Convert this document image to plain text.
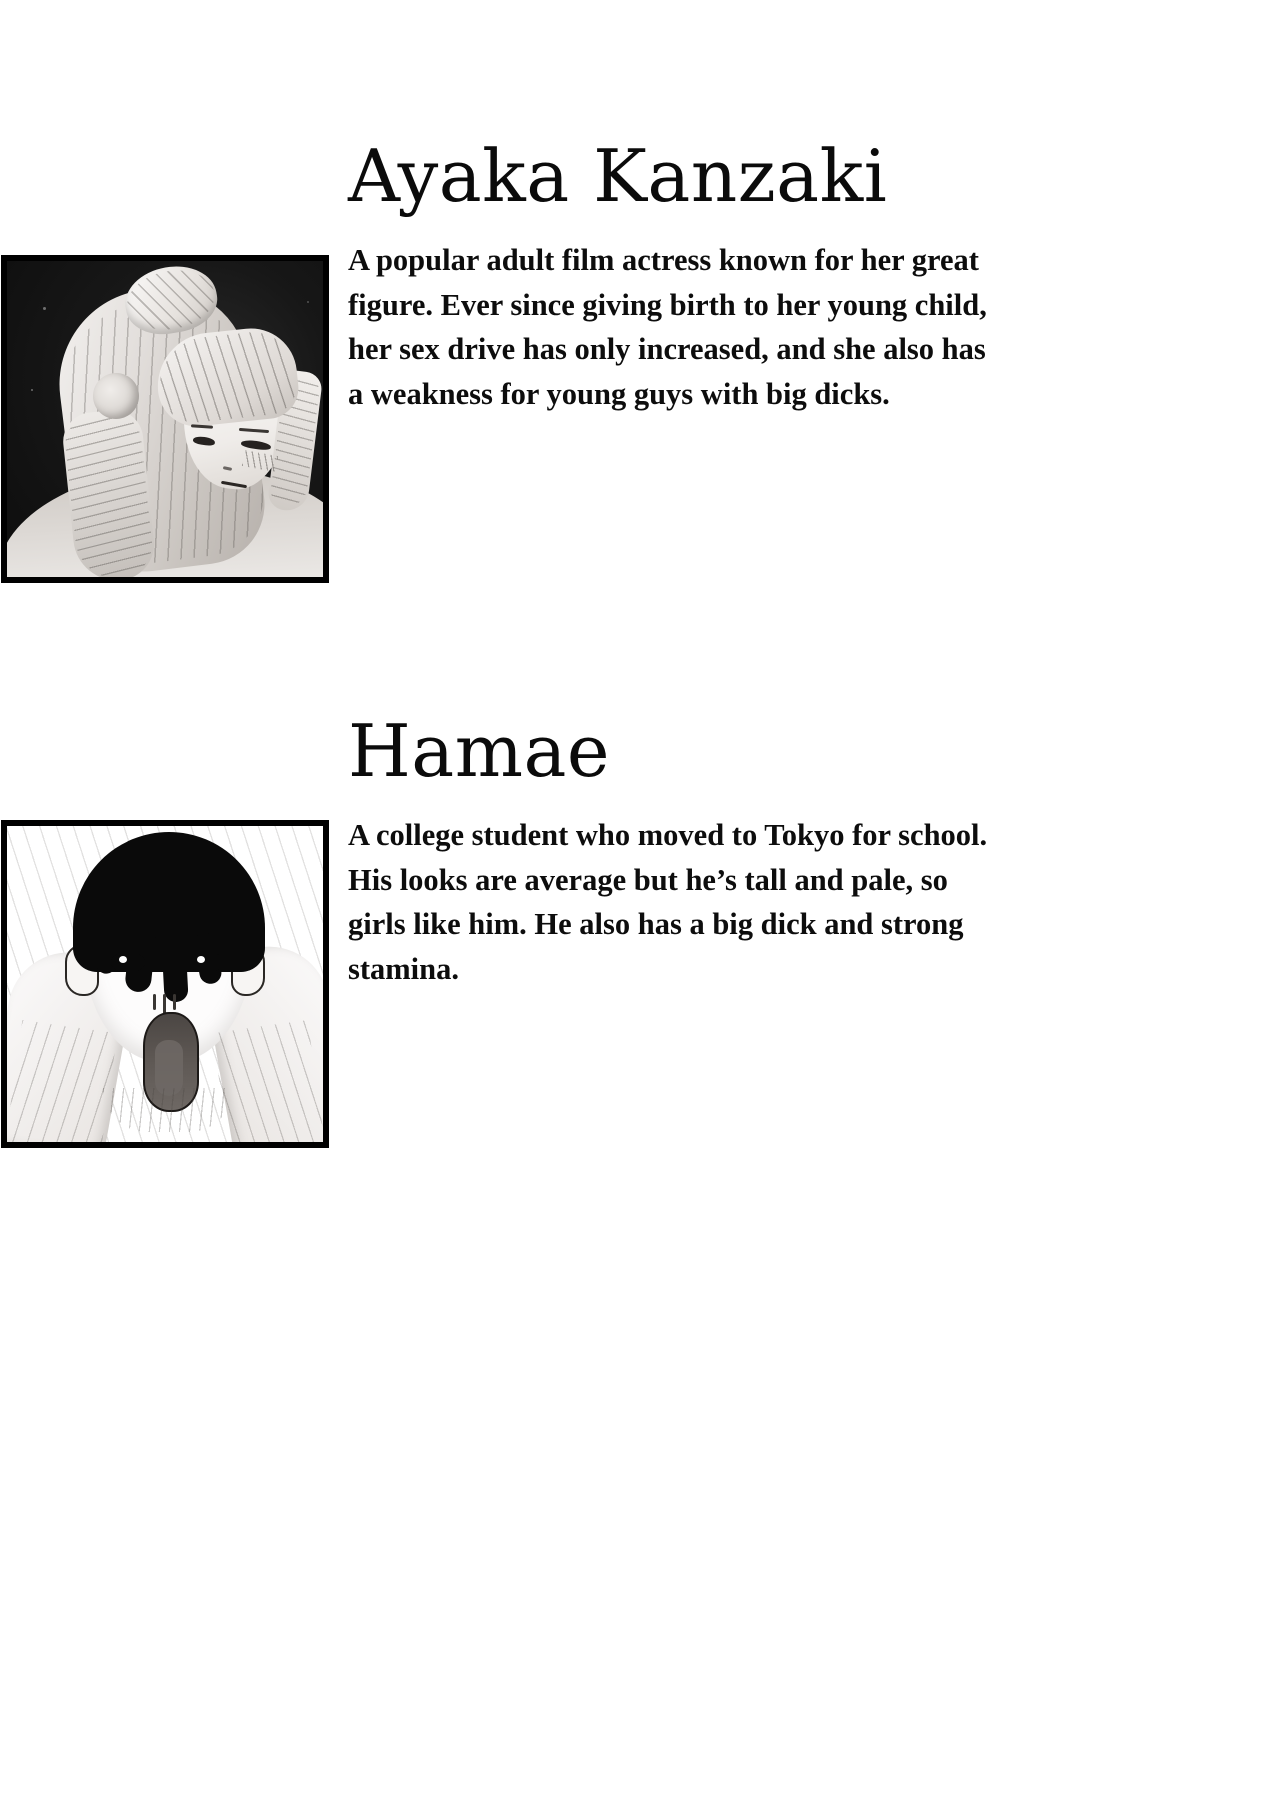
Ayaka Kanzaki

A popular adult film actress known for her great figure. Ever since giving birth to her young child, her sex drive has only increased, and she also has a weakness for young guys with big dicks.

Hamae

A college student who moved to Tokyo for school. His looks are average but he’s tall and pale, so girls like him. He also has a big dick and strong stamina.
